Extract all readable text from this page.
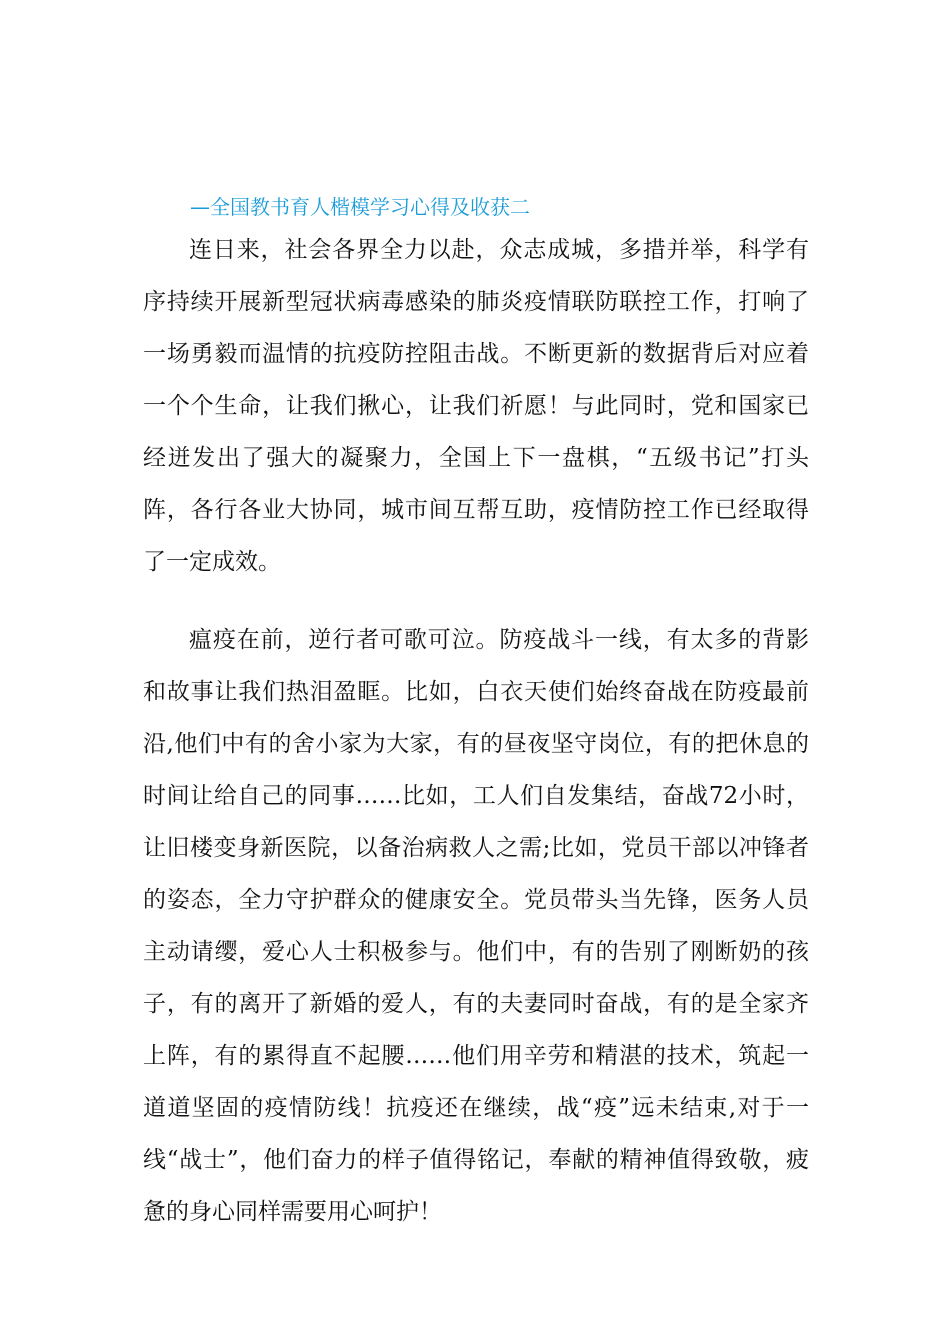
—全国教书育人楷模学习心得及收获二

连日来，社会各界全力以赴，众志成城，多措并举，科学有序持续开展新型冠状病毒感染的肺炎疫情联防联控工作，打响了一场勇毅而温情的抗疫防控阻击战。不断更新的数据背后对应着一个个生命，让我们揪心，让我们祈愿！与此同时，党和国家已经迸发出了强大的凝聚力，全国上下一盘棋，“五级书记”打头阵，各行各业大协同，城市间互帮互助，疫情防控工作已经取得了一定成效。

瘟疫在前，逆行者可歌可泣。防疫战斗一线，有太多的背影和故事让我们热泪盈眶。比如，白衣天使们始终奋战在防疫最前沿,他们中有的舍小家为大家，有的昼夜坚守岗位，有的把休息的时间让给自己的同事……比如，工人们自发集结，奋战72小时，让旧楼变身新医院，以备治病救人之需;比如，党员干部以冲锋者的姿态，全力守护群众的健康安全。党员带头当先锋，医务人员主动请缨，爱心人士积极参与。他们中，有的告别了刚断奶的孩子，有的离开了新婚的爱人，有的夫妻同时奋战，有的是全家齐上阵，有的累得直不起腰……他们用辛劳和精湛的技术，筑起一道道坚固的疫情防线！抗疫还在继续，战“疫”远未结束,对于一线“战士”，他们奋力的样子值得铭记，奉献的精神值得致敬，疲惫的身心同样需要用心呵护！
